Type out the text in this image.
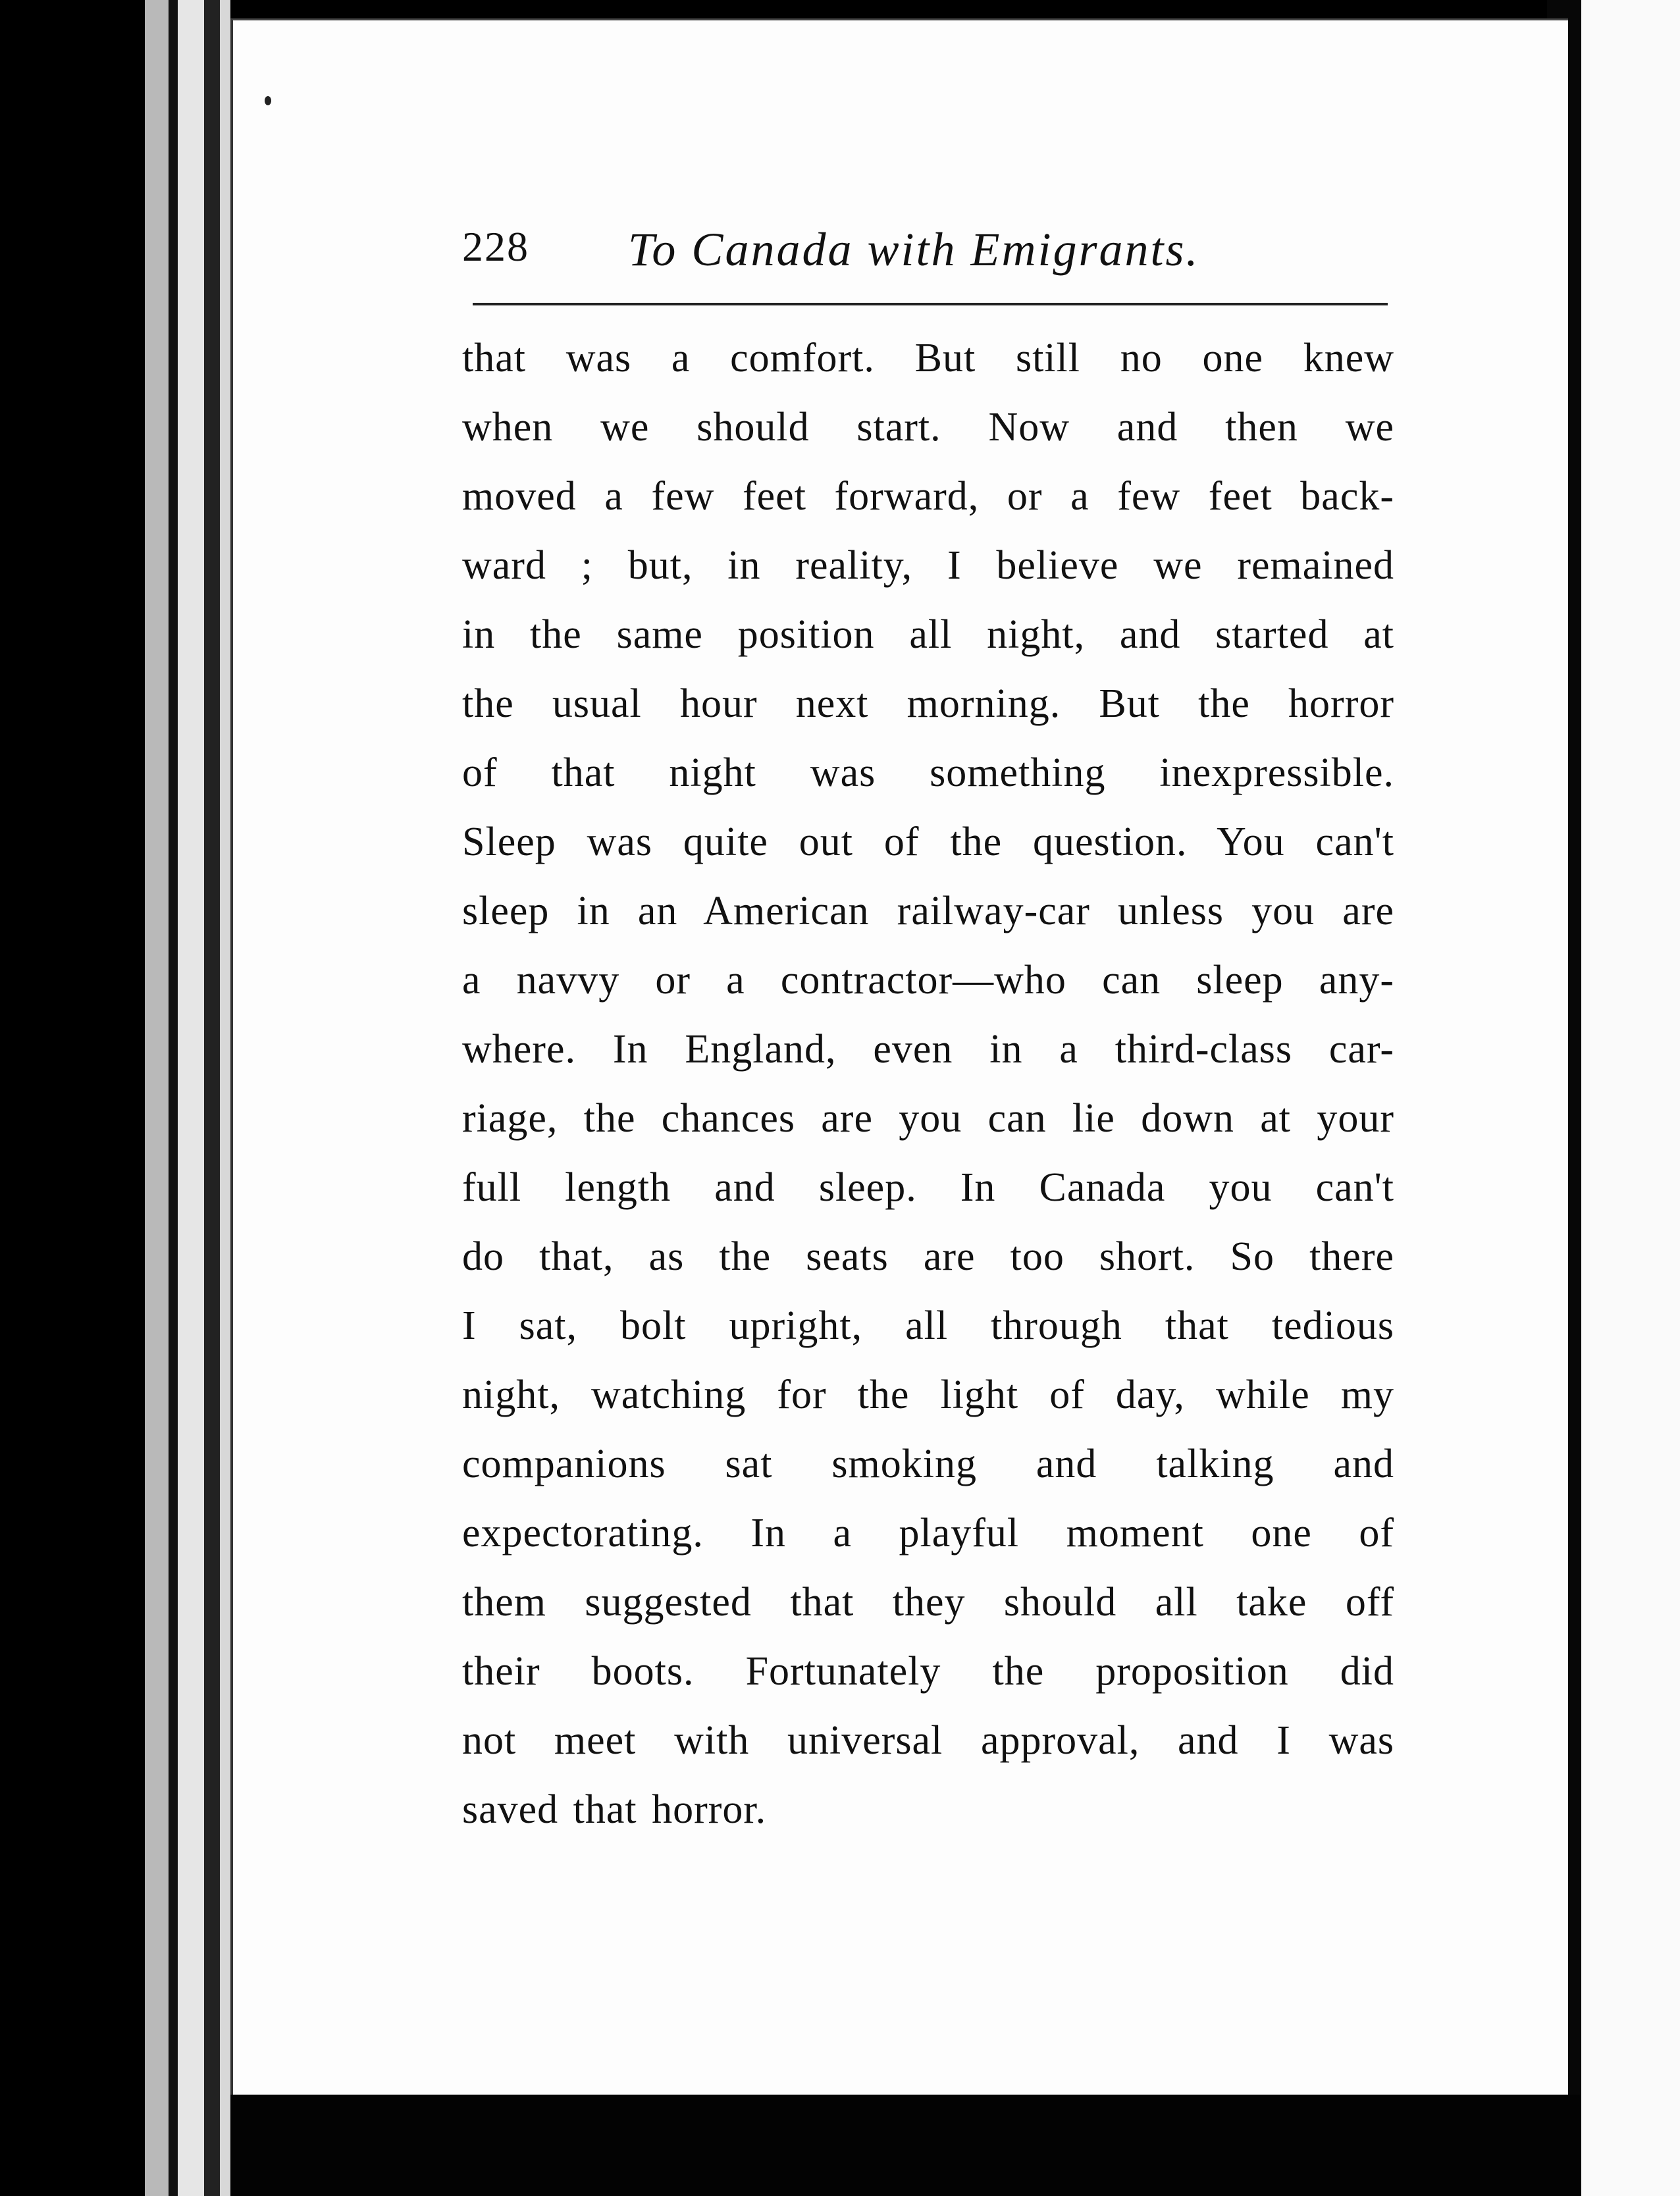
228 To Canada with Emigrants.
that was a comfort. But still no one knew
when we should start. Now and then we
moved a few feet forward, or a few feet back-
ward ; but, in reality, I believe we remained
in the same position all night, and started at
the usual hour next morning. But the horror
of that night was something inexpressible.
Sleep was quite out of the question. You can't
sleep in an American railway-car unless you are
a navvy or a contractor—who can sleep any-
where. In England, even in a third-class car-
riage, the chances are you can lie down at your
full length and sleep. In Canada you can't
do that, as the seats are too short. So there
I sat, bolt upright, all through that tedious
night, watching for the light of day, while my
companions sat smoking and talking and
expectorating. In a playful moment one of
them suggested that they should all take off
their boots. Fortunately the proposition did
not meet with universal approval, and I was
saved that horror.
